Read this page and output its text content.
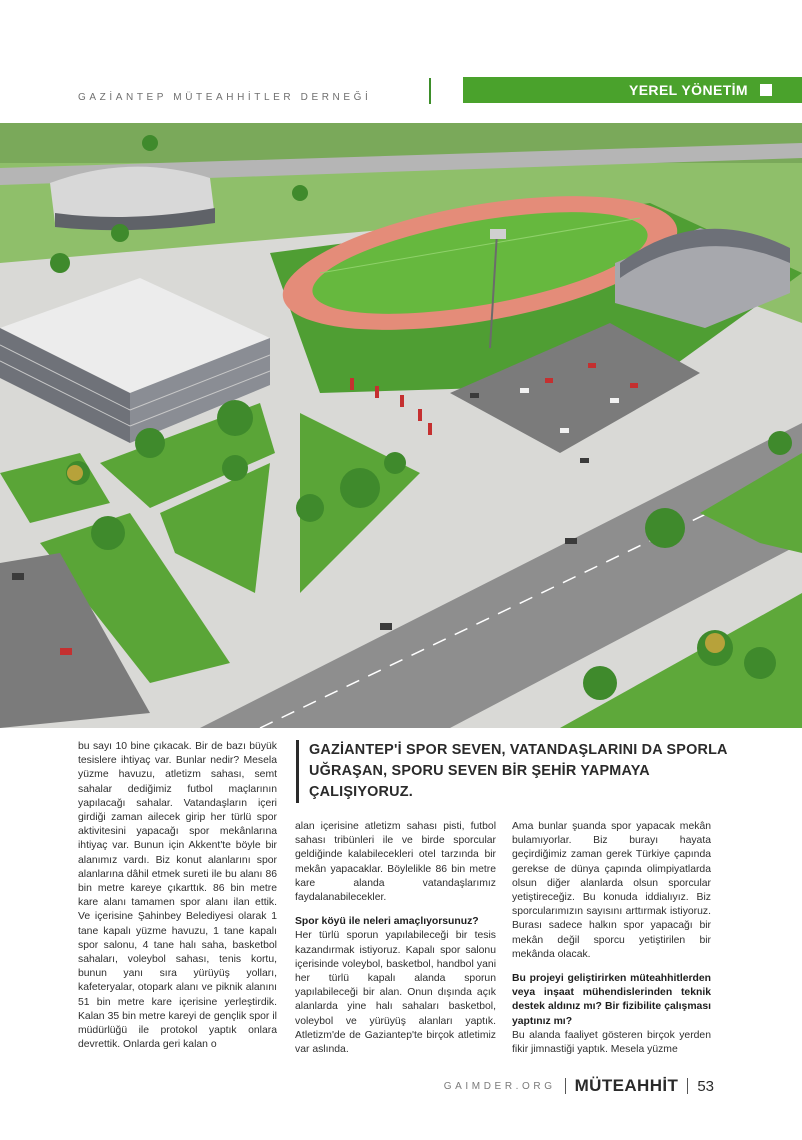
GAZİANTEP MÜTEAHHİTLER DERNEĞİ	YEREL YÖNETİM

bu sayı 10 bine çıkacak. Bir de bazı büyük tesislere ihtiyaç var. Bunlar nedir? Mesela yüzme havuzu, atletizm sahası, semt sahalar dediğimiz futbol maçlarının yapılacağı sahalar. Vatandaşların içeri girdiği zaman ailecek girip her türlü spor aktivitesini yapacağı spor mekânlarına ihtiyaç var. Bunun için Akkent'te böyle bir alanımız vardı. Biz konut alanlarını spor alanlarına dâhil etmek sureti ile bu alanı 86 bin metre kareye çıkarttık. 86 bin metre kare alanı tamamen spor alanı ilan ettik. Ve içerisine Şahinbey Belediyesi olarak 1 tane kapalı yüzme havuzu, 1 tane kapalı spor salonu, 4 tane halı saha, basketbol sahaları, voleybol sahası, tenis kortu, bunun yanı sıra yürüyüş yolları, kafeteryalar, otopark alanı ve piknik alanını 51 bin metre kare içerisine yerleştirdik. Kalan 35 bin metre kareyi de gençlik spor il müdürlüğü ile protokol yaptık onlara devrettik. Onlarda geri kalan o

GAZİANTEP'İ SPOR SEVEN, VATANDAŞLARINI DA SPORLA UĞRAŞAN, SPORU SEVEN BİR ŞEHİR YAPMAYA ÇALIŞIYORUZ.

alan içerisine atletizm sahası pisti, futbol sahası tribünleri ile ve birde sporcular geldiğinde kalabilecekleri otel tarzında bir mekân yapacaklar. Böylelikle 86 bin metre kare alanda vatandaşlarımız faydalanabilecekler.

Spor köyü ile neleri amaçlıyorsunuz?

Her türlü sporun yapılabileceği bir tesis kazandırmak istiyoruz. Kapalı spor salonu içerisinde voleybol, basketbol, handbol yani her türlü kapalı alanda sporun yapılabileceği bir alan. Onun dışında açık alanlarda yine halı sahaları basketbol, voleybol ve yürüyüş alanları yaptık. Atletizm'de de Gaziantep'te birçok atletimiz var aslında.

Ama bunlar şuanda spor yapacak mekân bulamıyorlar. Biz burayı hayata geçirdiğimiz zaman gerek Türkiye çapında gerekse de dünya çapında olimpiyatlarda olsun diğer alanlarda olsun sporcular yetiştireceğiz. Bu konuda iddialıyız. Biz sporcularımızın sayısını arttırmak istiyoruz. Burası sadece halkın spor yapacağı bir mekân değil sporcu yetiştirilen bir mekânda olacak.

Bu projeyi geliştirirken müteahhitlerden veya inşaat mühendislerinden teknik destek aldınız mı? Bir fizibilite çalışması yaptınız mı?

Bu alanda faaliyet gösteren birçok yerden fikir jimnastiği yaptık. Mesela yüzme

GAIMDER.ORG MÜTEAHHİT 53
